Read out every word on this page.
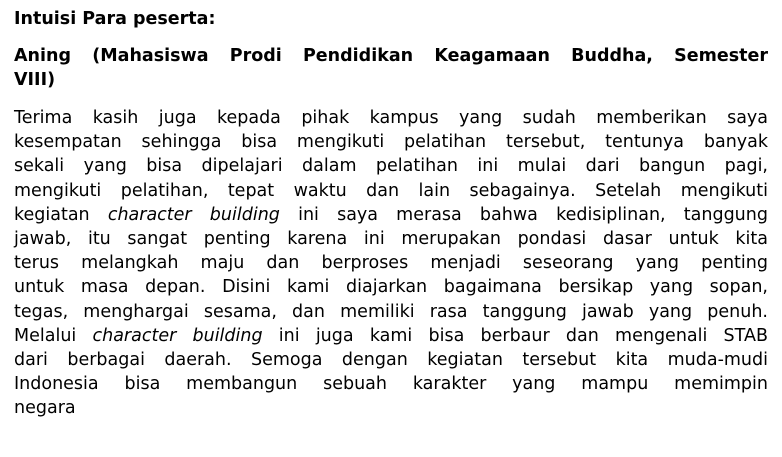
Intuisi Para peserta:

Aning (Mahasiswa Prodi Pendidikan Keagamaan Buddha, Semester
VIII)

Terima kasih juga kepada pihak kampus yang sudah memberikan saya
kesempatan sehingga bisa mengikuti pelatihan tersebut, tentunya banyak
sekali yang bisa dipelajari dalam pelatihan ini mulai dari bangun pagi,
mengikuti pelatihan, tepat waktu dan lain sebagainya. Setelah mengikuti
kegiatan character building ini saya merasa bahwa kedisiplinan, tanggung
jawab, itu sangat penting karena ini merupakan pondasi dasar untuk kita
terus melangkah maju dan berproses menjadi seseorang yang penting
untuk masa depan. Disini kami diajarkan bagaimana bersikap yang sopan,
tegas, menghargai sesama, dan memiliki rasa tanggung jawab yang penuh.
Melalui character building ini juga kami bisa berbaur dan mengenali STAB
dari berbagai daerah. Semoga dengan kegiatan tersebut kita muda-mudi
Indonesia bisa membangun sebuah karakter yang mampu memimpin
negara
